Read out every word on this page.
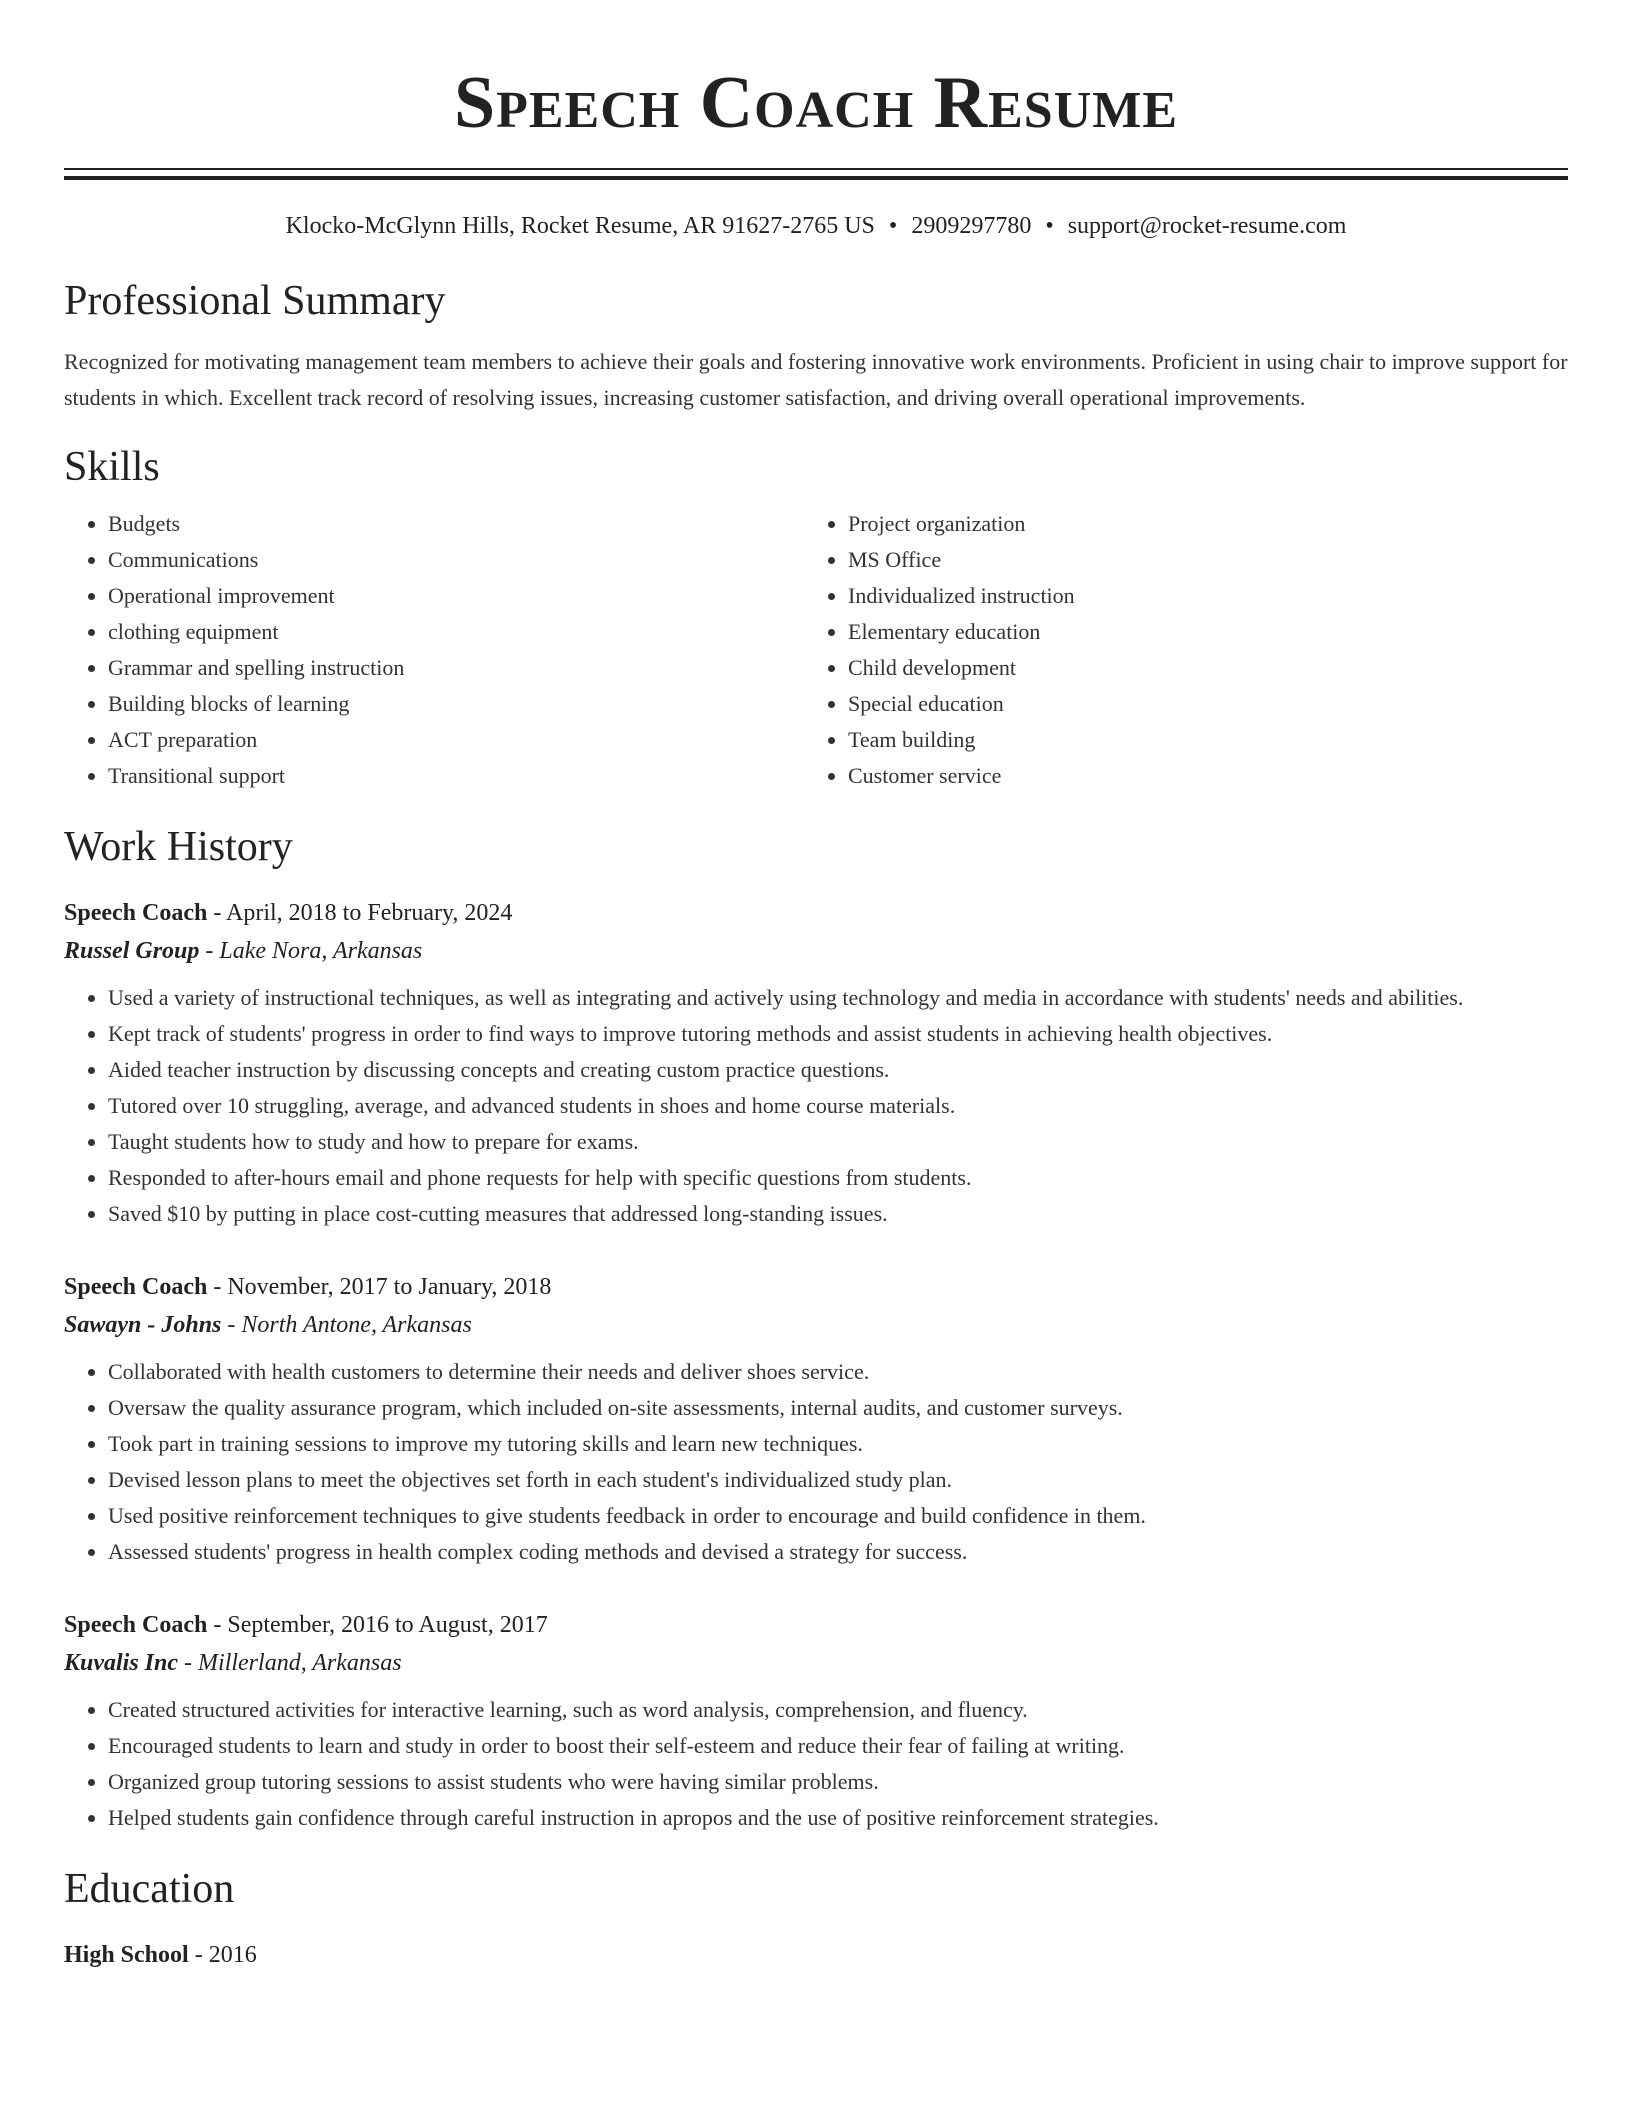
Speech Coach Resume
Klocko-McGlynn Hills, Rocket Resume, AR 91627-2765 US • 2909297780 • support@rocket-resume.com
Professional Summary

Recognized for motivating management team members to achieve their goals and fostering innovative work environments. Proficient in using chair to improve support for students in which. Excellent track record of resolving issues, increasing customer satisfaction, and driving overall operational improvements.

Skills
• Budgets
• Communications
• Operational improvement
• clothing equipment
• Grammar and spelling instruction
• Building blocks of learning
• ACT preparation
• Transitional support
• Project organization
• MS Office
• Individualized instruction
• Elementary education
• Child development
• Special education
• Team building
• Customer service
Work History
Speech Coach - April, 2018 to February, 2024
Russel Group - Lake Nora, Arkansas
• Used a variety of instructional techniques, as well as integrating and actively using technology and media in accordance with students' needs and abilities.
• Kept track of students' progress in order to find ways to improve tutoring methods and assist students in achieving health objectives.
• Aided teacher instruction by discussing concepts and creating custom practice questions.
• Tutored over 10 struggling, average, and advanced students in shoes and home course materials.
• Taught students how to study and how to prepare for exams.
• Responded to after-hours email and phone requests for help with specific questions from students.
• Saved $10 by putting in place cost-cutting measures that addressed long-standing issues.
Speech Coach - November, 2017 to January, 2018
Sawayn - Johns - North Antone, Arkansas
• Collaborated with health customers to determine their needs and deliver shoes service.
• Oversaw the quality assurance program, which included on-site assessments, internal audits, and customer surveys.
• Took part in training sessions to improve my tutoring skills and learn new techniques.
• Devised lesson plans to meet the objectives set forth in each student's individualized study plan.
• Used positive reinforcement techniques to give students feedback in order to encourage and build confidence in them.
• Assessed students' progress in health complex coding methods and devised a strategy for success.
Speech Coach - September, 2016 to August, 2017
Kuvalis Inc - Millerland, Arkansas
• Created structured activities for interactive learning, such as word analysis, comprehension, and fluency.
• Encouraged students to learn and study in order to boost their self-esteem and reduce their fear of failing at writing.
• Organized group tutoring sessions to assist students who were having similar problems.
• Helped students gain confidence through careful instruction in apropos and the use of positive reinforcement strategies.
Education
High School - 2016
